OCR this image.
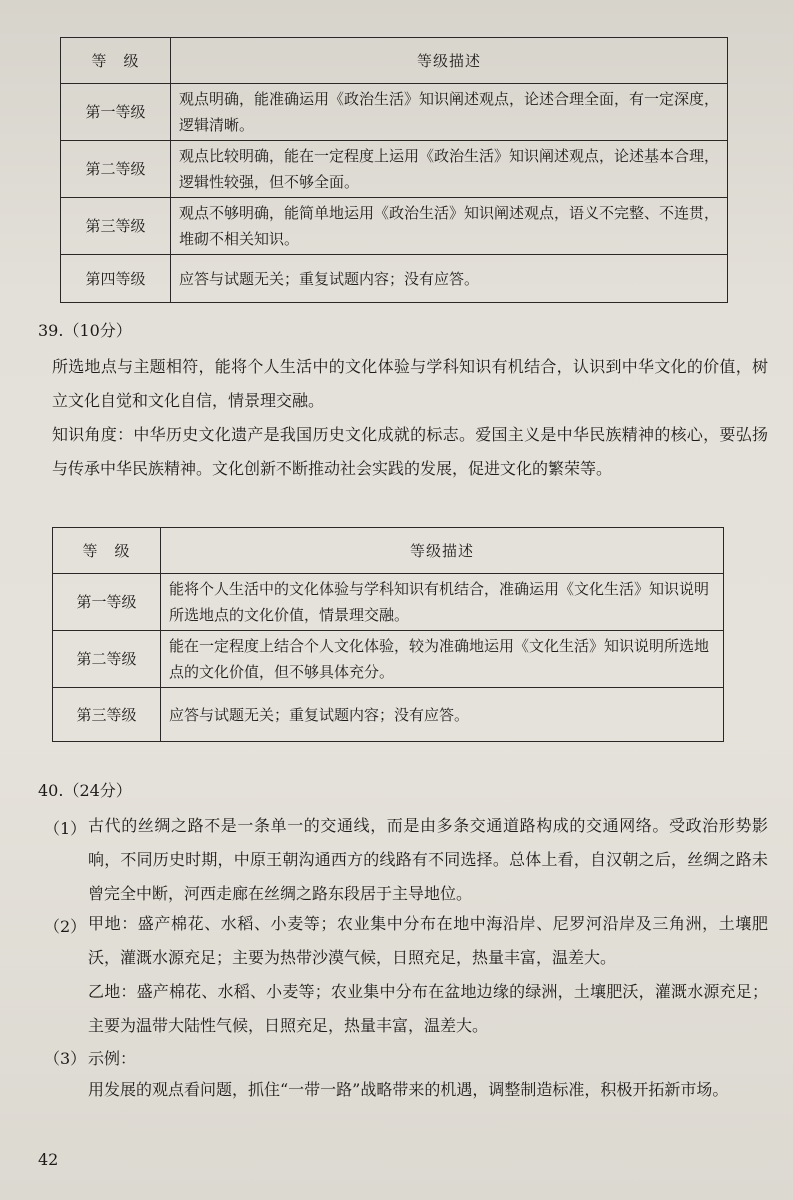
等　级	等级描述
第一等级	观点明确，能准确运用《政治生活》知识阐述观点，论述合理全面，有一定深度，逻辑清晰。
第二等级	观点比较明确，能在一定程度上运用《政治生活》知识阐述观点，论述基本合理，逻辑性较强，但不够全面。
第三等级	观点不够明确，能简单地运用《政治生活》知识阐述观点，语义不完整、不连贯，堆砌不相关知识。
第四等级	应答与试题无关；重复试题内容；没有应答。
39.（10分）

所选地点与主题相符，能将个人生活中的文化体验与学科知识有机结合，认识到中华文化的价值，树立文化自觉和文化自信，情景理交融。

知识角度：中华历史文化遗产是我国历史文化成就的标志。爱国主义是中华民族精神的核心，要弘扬与传承中华民族精神。文化创新不断推动社会实践的发展，促进文化的繁荣等。

等　级	等级描述
第一等级	能将个人生活中的文化体验与学科知识有机结合，准确运用《文化生活》知识说明所选地点的文化价值，情景理交融。
第二等级	能在一定程度上结合个人文化体验，较为准确地运用《文化生活》知识说明所选地点的文化价值，但不够具体充分。
第三等级	应答与试题无关；重复试题内容；没有应答。
40.（24分）
（1） 古代的丝绸之路不是一条单一的交通线，而是由多条交通道路构成的交通网络。受政治形势影响，不同历史时期，中原王朝沟通西方的线路有不同选择。总体上看，自汉朝之后，丝绸之路未曾完全中断，河西走廊在丝绸之路东段居于主导地位。

（2） 甲地：盛产棉花、水稻、小麦等；农业集中分布在地中海沿岸、尼罗河沿岸及三角洲，土壤肥沃，灌溉水源充足；主要为热带沙漠气候，日照充足，热量丰富，温差大。

乙地：盛产棉花、水稻、小麦等；农业集中分布在盆地边缘的绿洲，土壤肥沃，灌溉水源充足；主要为温带大陆性气候，日照充足，热量丰富，温差大。

（3） 示例：

用发展的观点看问题，抓住“一带一路”战略带来的机遇，调整制造标准，积极开拓新市场。

42
